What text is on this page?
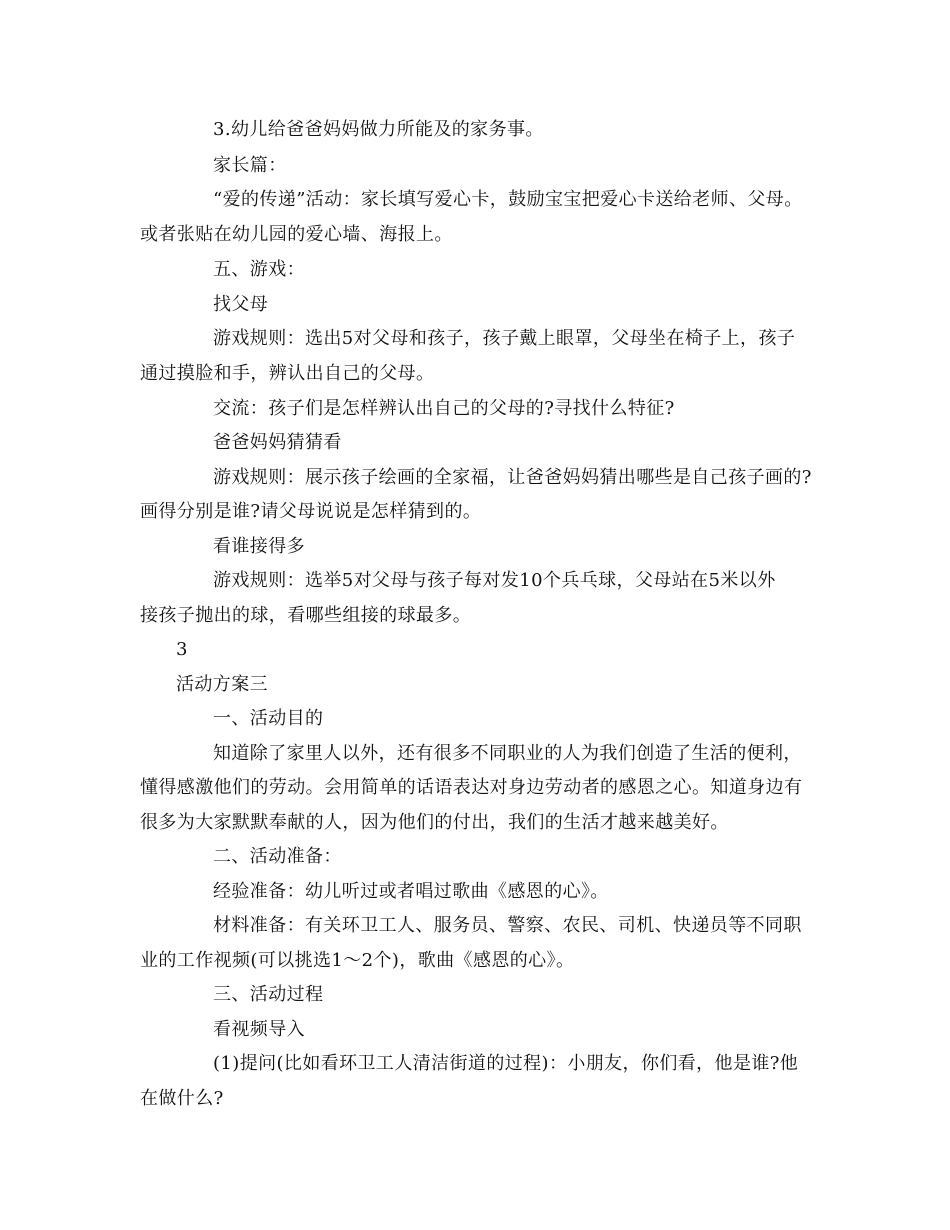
3.幼儿给爸爸妈妈做力所能及的家务事。
家长篇：
“爱的传递”活动：家长填写爱心卡，鼓励宝宝把爱心卡送给老师、父母。
或者张贴在幼儿园的爱心墙、海报上。
五、游戏：
找父母
游戏规则：选出5对父母和孩子，孩子戴上眼罩，父母坐在椅子上，孩子
通过摸脸和手，辨认出自己的父母。
交流：孩子们是怎样辨认出自己的父母的?寻找什么特征?
爸爸妈妈猜猜看
游戏规则：展示孩子绘画的全家福，让爸爸妈妈猜出哪些是自己孩子画的?
画得分别是谁?请父母说说是怎样猜到的。
看谁接得多
游戏规则：选举5对父母与孩子每对发10个兵乓球，父母站在5米以外
接孩子抛出的球，看哪些组接的球最多。
3
活动方案三
一、活动目的
知道除了家里人以外，还有很多不同职业的人为我们创造了生活的便利，
懂得感激他们的劳动。会用简单的话语表达对身边劳动者的感恩之心。知道身边有
很多为大家默默奉献的人，因为他们的付出，我们的生活才越来越美好。
二、活动准备：
经验准备：幼儿听过或者唱过歌曲《感恩的心》。
材料准备：有关环卫工人、服务员、警察、农民、司机、快递员等不同职
业的工作视频(可以挑选1～2个)，歌曲《感恩的心》。
三、活动过程
看视频导入
(1)提问(比如看环卫工人清洁街道的过程)：小朋友，你们看，他是谁?他
在做什么?
